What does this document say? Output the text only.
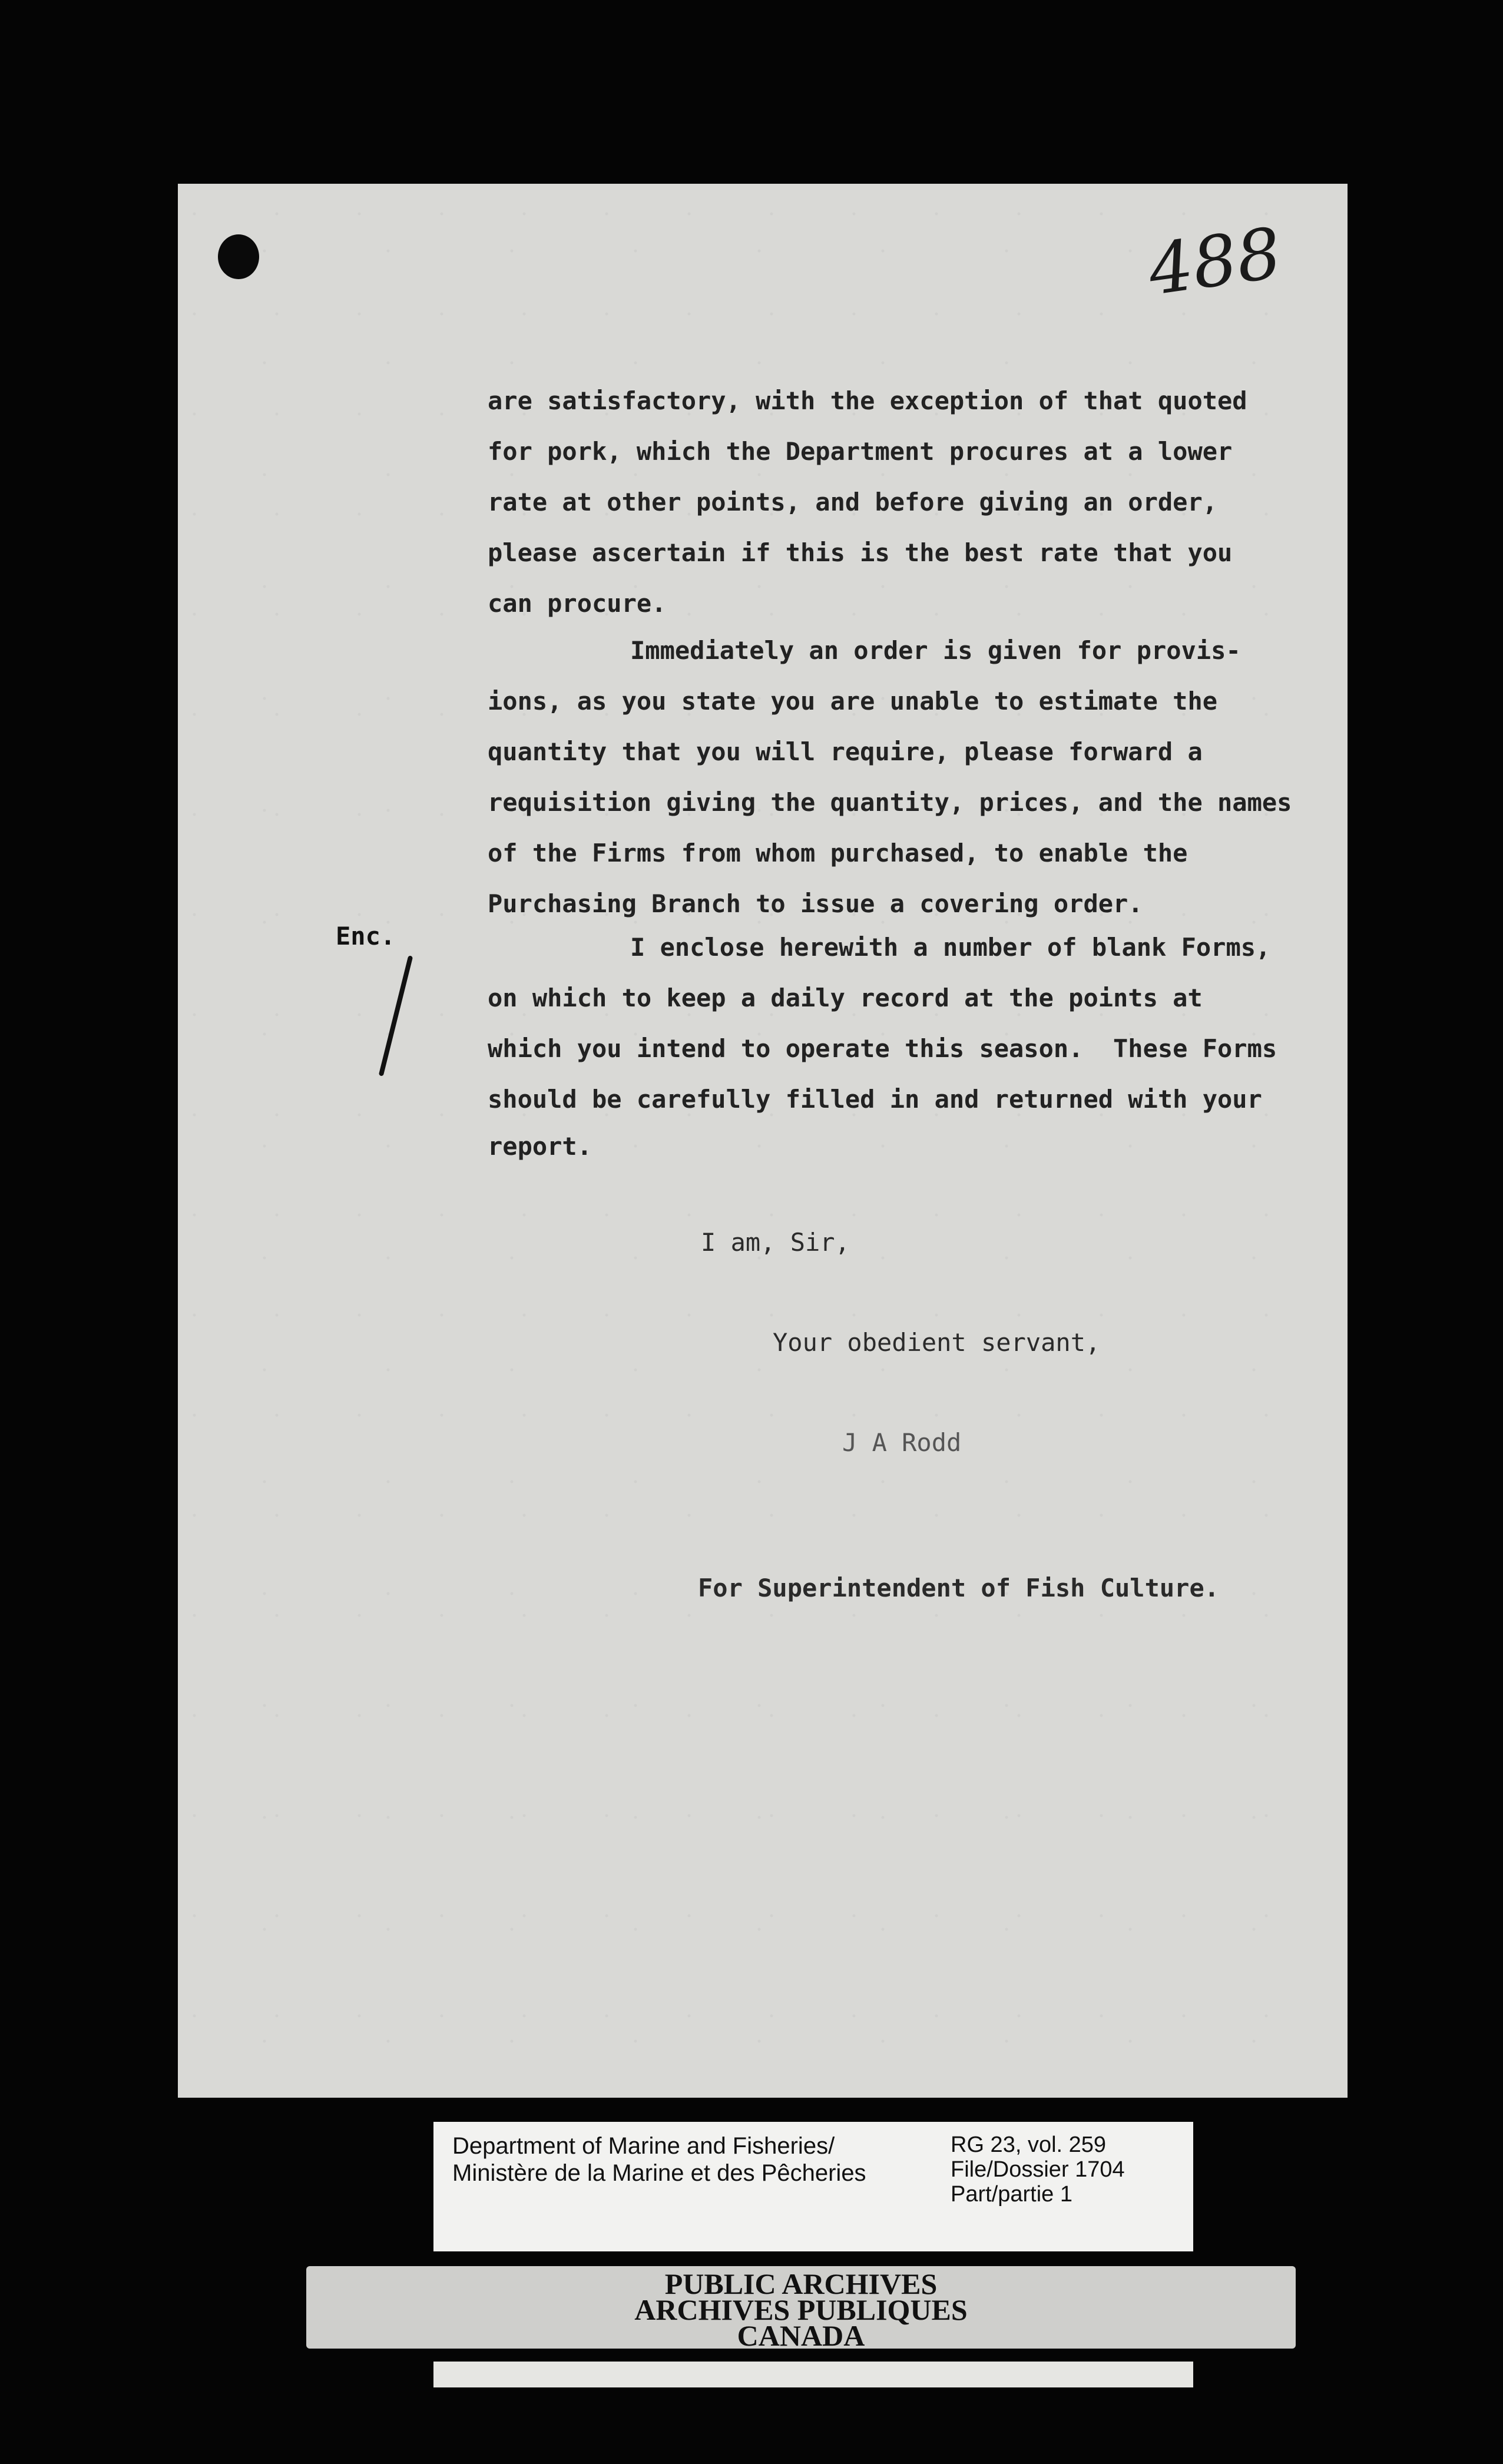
488
are satisfactory, with the exception of that quoted
for pork, which the Department procures at a lower
rate at other points, and before giving an order,
please ascertain if this is the best rate that you
can procure.
Immediately an order is given for provis-
ions, as you state you are unable to estimate the
quantity that you will require, please forward a
requisition giving the quantity, prices, and the names
of the Firms from whom purchased, to enable the
Purchasing Branch to issue a covering order.
I enclose herewith a number of blank Forms,
on which to keep a daily record at the points at
which you intend to operate this season.  These Forms
should be carefully filled in and returned with your
report.
Enc.
I am, Sir,
Your obedient servant,
J A Rodd
For Superintendent of Fish Culture.
Department of Marine and Fisheries/
Ministère de la Marine et des Pêcheries
RG 23, vol. 259
File/Dossier 1704
Part/partie 1
PUBLIC ARCHIVES
ARCHIVES PUBLIQUES
CANADA
